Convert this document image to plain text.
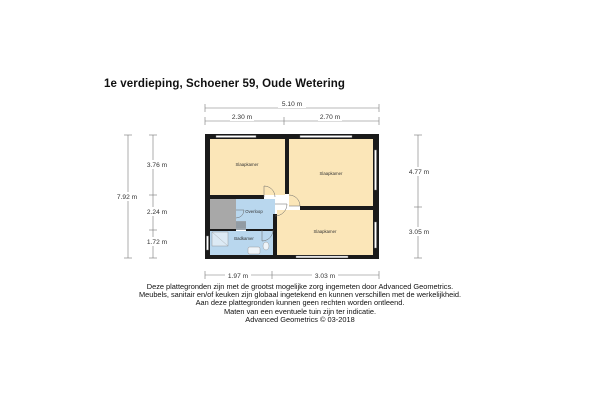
1e verdieping, Schoener 59, Oude Wetering
5.10 m
2.30 m	2.70 m
7.92 m
3.76 m
2.24 m
1.72 m
4.77 m
3.05 m
1.97 m	3.03 m
Slaapkamer
Slaapkamer
Slaapkamer
Overloop
Badkamer
Deze plattegronden zijn met de grootst mogelijke zorg ingemeten door Advanced Geometrics.
Meubels, sanitair en/of keuken zijn globaal ingetekend en kunnen verschillen met de werkelijkheid.
Aan deze plattegronden kunnen geen rechten worden ontleend.
Maten van een eventuele tuin zijn ter indicatie.
Advanced Geometrics © 03-2018
